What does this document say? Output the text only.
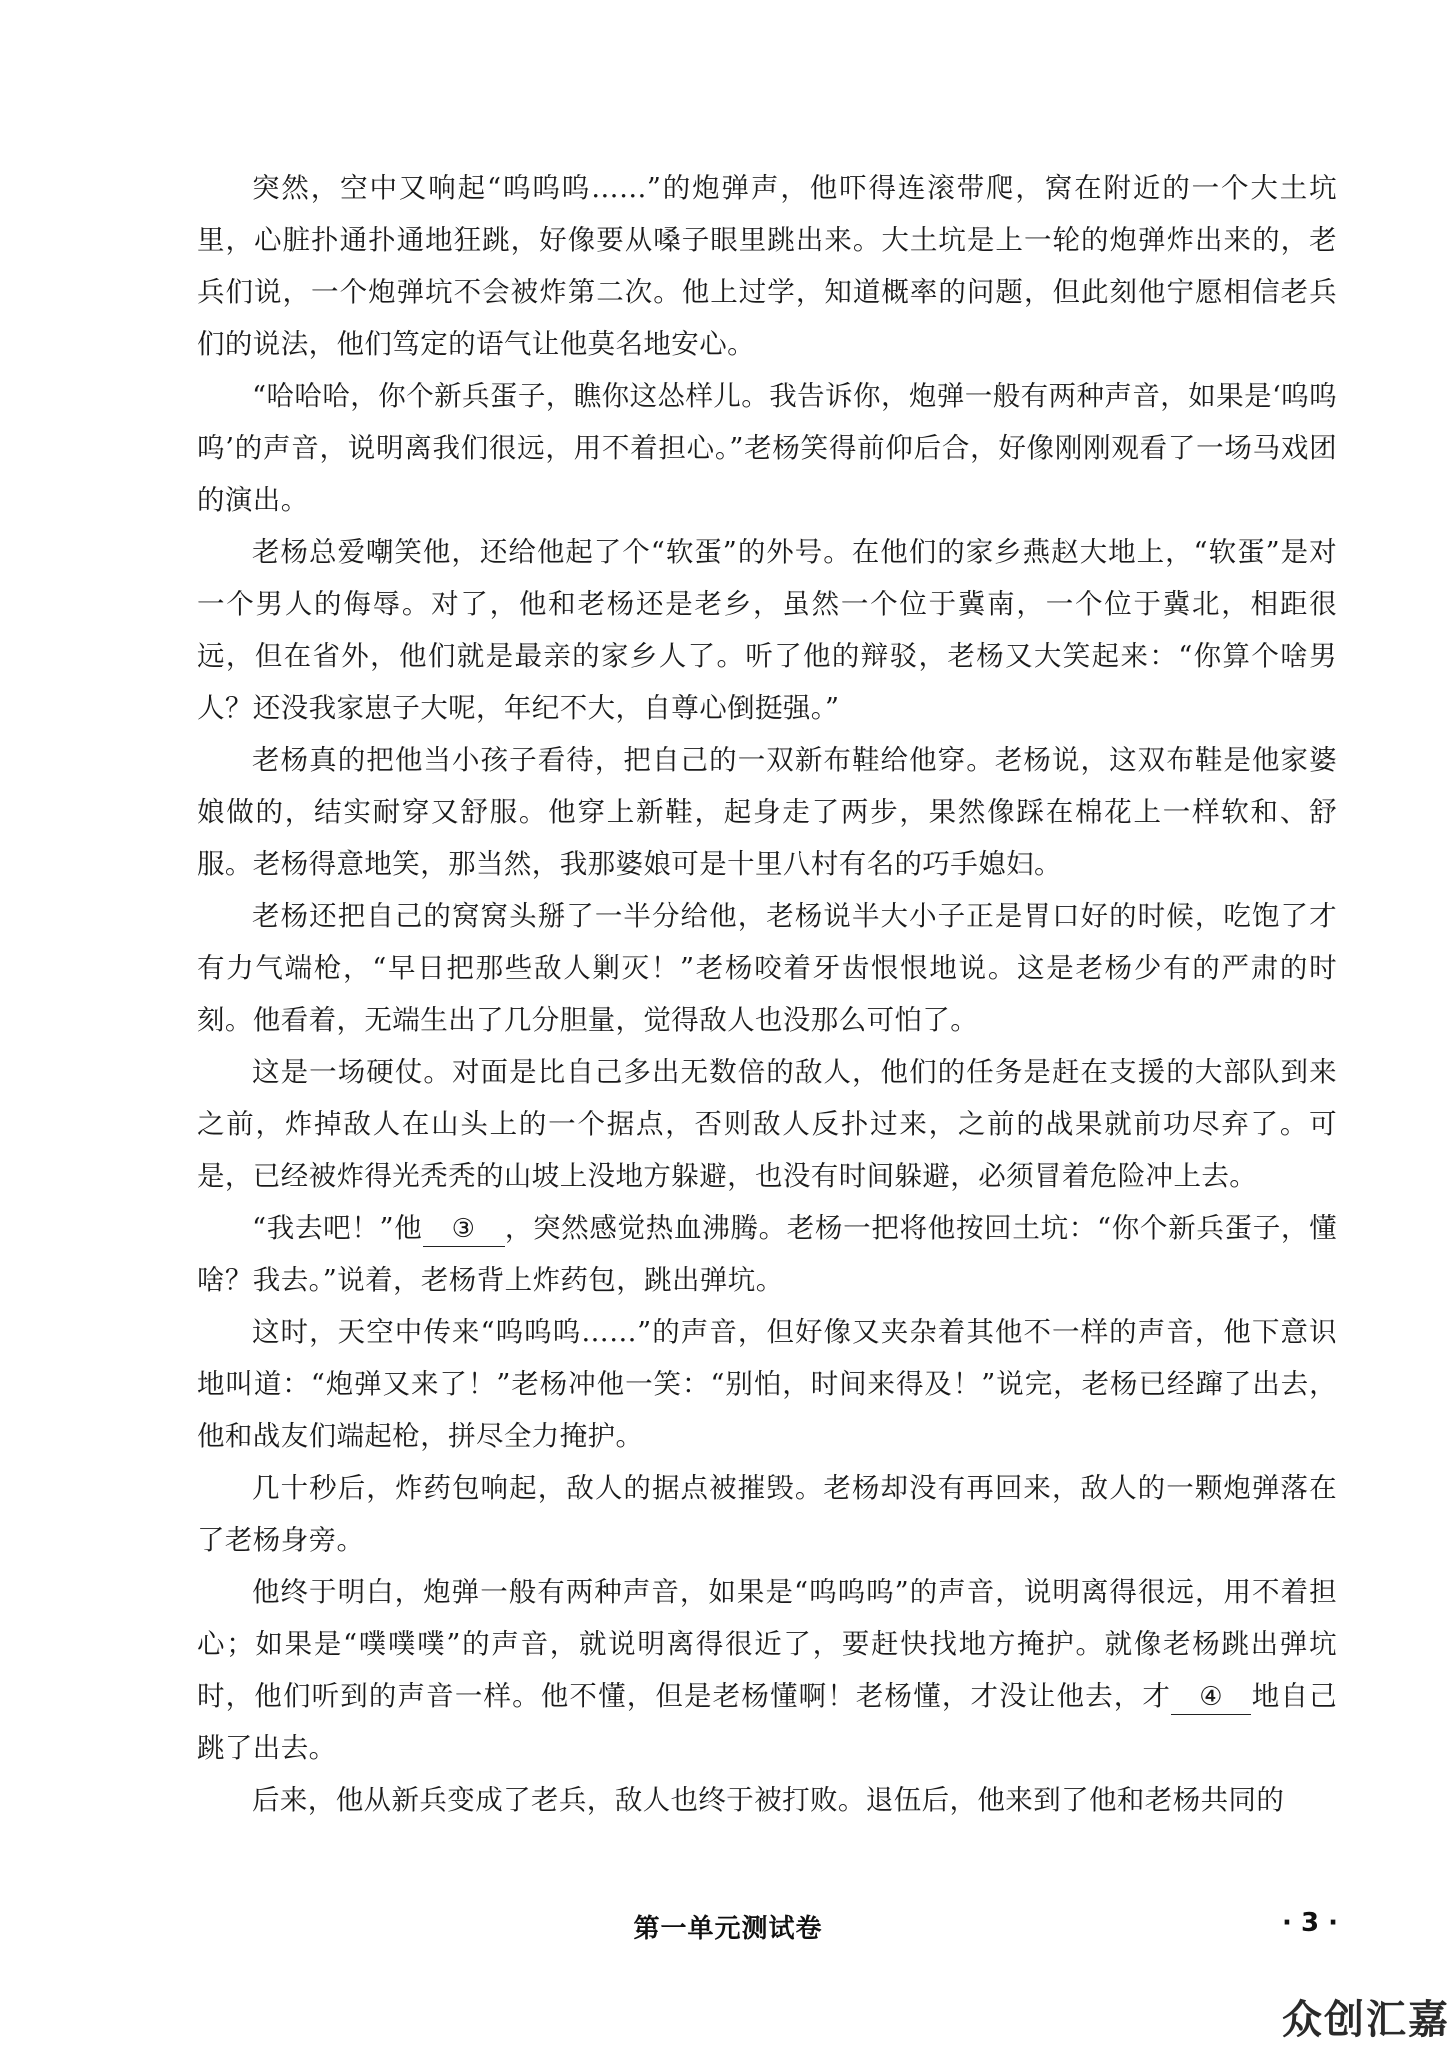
突然，空中又响起“呜呜呜……”的炮弹声，他吓得连滚带爬，窝在附近的一个大土坑里，心脏扑通扑通地狂跳，好像要从嗓子眼里跳出来。大土坑是上一轮的炮弹炸出来的，老兵们说，一个炮弹坑不会被炸第二次。他上过学，知道概率的问题，但此刻他宁愿相信老兵们的说法，他们笃定的语气让他莫名地安心。

“哈哈哈，你个新兵蛋子，瞧你这怂样儿。我告诉你，炮弹一般有两种声音，如果是‘呜呜呜’的声音，说明离我们很远，用不着担心。”老杨笑得前仰后合，好像刚刚观看了一场马戏团的演出。

老杨总爱嘲笑他，还给他起了个“软蛋”的外号。在他们的家乡燕赵大地上，“软蛋”是对一个男人的侮辱。对了，他和老杨还是老乡，虽然一个位于冀南，一个位于冀北，相距很远，但在省外，他们就是最亲的家乡人了。听了他的辩驳，老杨又大笑起来：“你算个啥男人？还没我家崽子大呢，年纪不大，自尊心倒挺强。”

老杨真的把他当小孩子看待，把自己的一双新布鞋给他穿。老杨说，这双布鞋是他家婆娘做的，结实耐穿又舒服。他穿上新鞋，起身走了两步，果然像踩在棉花上一样软和、舒服。老杨得意地笑，那当然，我那婆娘可是十里八村有名的巧手媳妇。

老杨还把自己的窝窝头掰了一半分给他，老杨说半大小子正是胃口好的时候，吃饱了才有力气端枪，“早日把那些敌人剿灭！”老杨咬着牙齿恨恨地说。这是老杨少有的严肃的时刻。他看着，无端生出了几分胆量，觉得敌人也没那么可怕了。

这是一场硬仗。对面是比自己多出无数倍的敌人，他们的任务是赶在支援的大部队到来之前，炸掉敌人在山头上的一个据点，否则敌人反扑过来，之前的战果就前功尽弃了。可是，已经被炸得光秃秃的山坡上没地方躲避，也没有时间躲避，必须冒着危险冲上去。

“我去吧！”他 ③ ，突然感觉热血沸腾。老杨一把将他按回土坑：“你个新兵蛋子，懂啥？我去。”说着，老杨背上炸药包，跳出弹坑。

这时，天空中传来“呜呜呜……”的声音，但好像又夹杂着其他不一样的声音，他下意识地叫道：“炮弹又来了！”老杨冲他一笑：“别怕，时间来得及！”说完，老杨已经蹿了出去，他和战友们端起枪，拼尽全力掩护。

几十秒后，炸药包响起，敌人的据点被摧毁。老杨却没有再回来，敌人的一颗炮弹落在了老杨身旁。

他终于明白，炮弹一般有两种声音，如果是“呜呜呜”的声音，说明离得很远，用不着担心；如果是“噗噗噗”的声音，就说明离得很近了，要赶快找地方掩护。就像老杨跳出弹坑时，他们听到的声音一样。他不懂，但是老杨懂啊！老杨懂，才没让他去，才 ④ 地自己跳了出去。

后来，他从新兵变成了老兵，敌人也终于被打败。退伍后，他来到了他和老杨共同的

第一单元测试卷	· 3 ·
众创汇嘉
